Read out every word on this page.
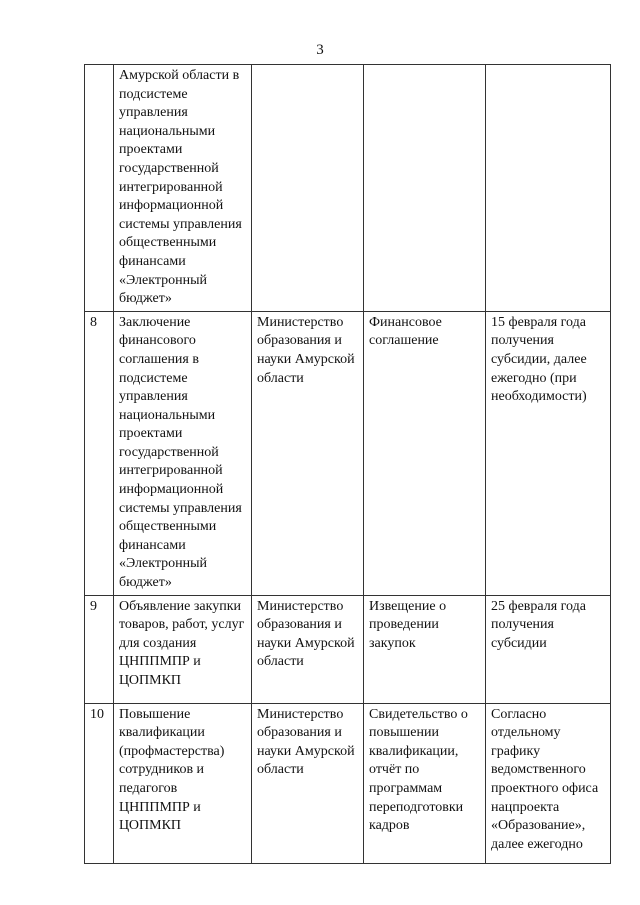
3
	Амурской области в подсистеме управления национальными проектами государственной интегрированной информационной системы управления общественными финансами «Электронный бюджет»			
8	Заключение финансового соглашения в подсистеме управления национальными проектами государственной интегрированной информационной системы управления общественными финансами «Электронный бюджет»	Министерство образования и науки Амурской области	Финансовое соглашение	15 февраля года получения субсидии, далее ежегодно (при необходимости)
9	Объявление закупки товаров, работ, услуг для создания ЦНППМПР и ЦОПМКП	Министерство образования и науки Амурской области	Извещение о проведении закупок	25 февраля года получения субсидии
10	Повышение квалификации (профмастерства) сотрудников и педагогов ЦНППМПР и ЦОПМКП	Министерство образования и науки Амурской области	Свидетельство о повышении квалификации, отчёт по программам переподготовки кадров	Согласно отдельному графику ведомственного проектного офиса нацпроекта «Образование», далее ежегодно
